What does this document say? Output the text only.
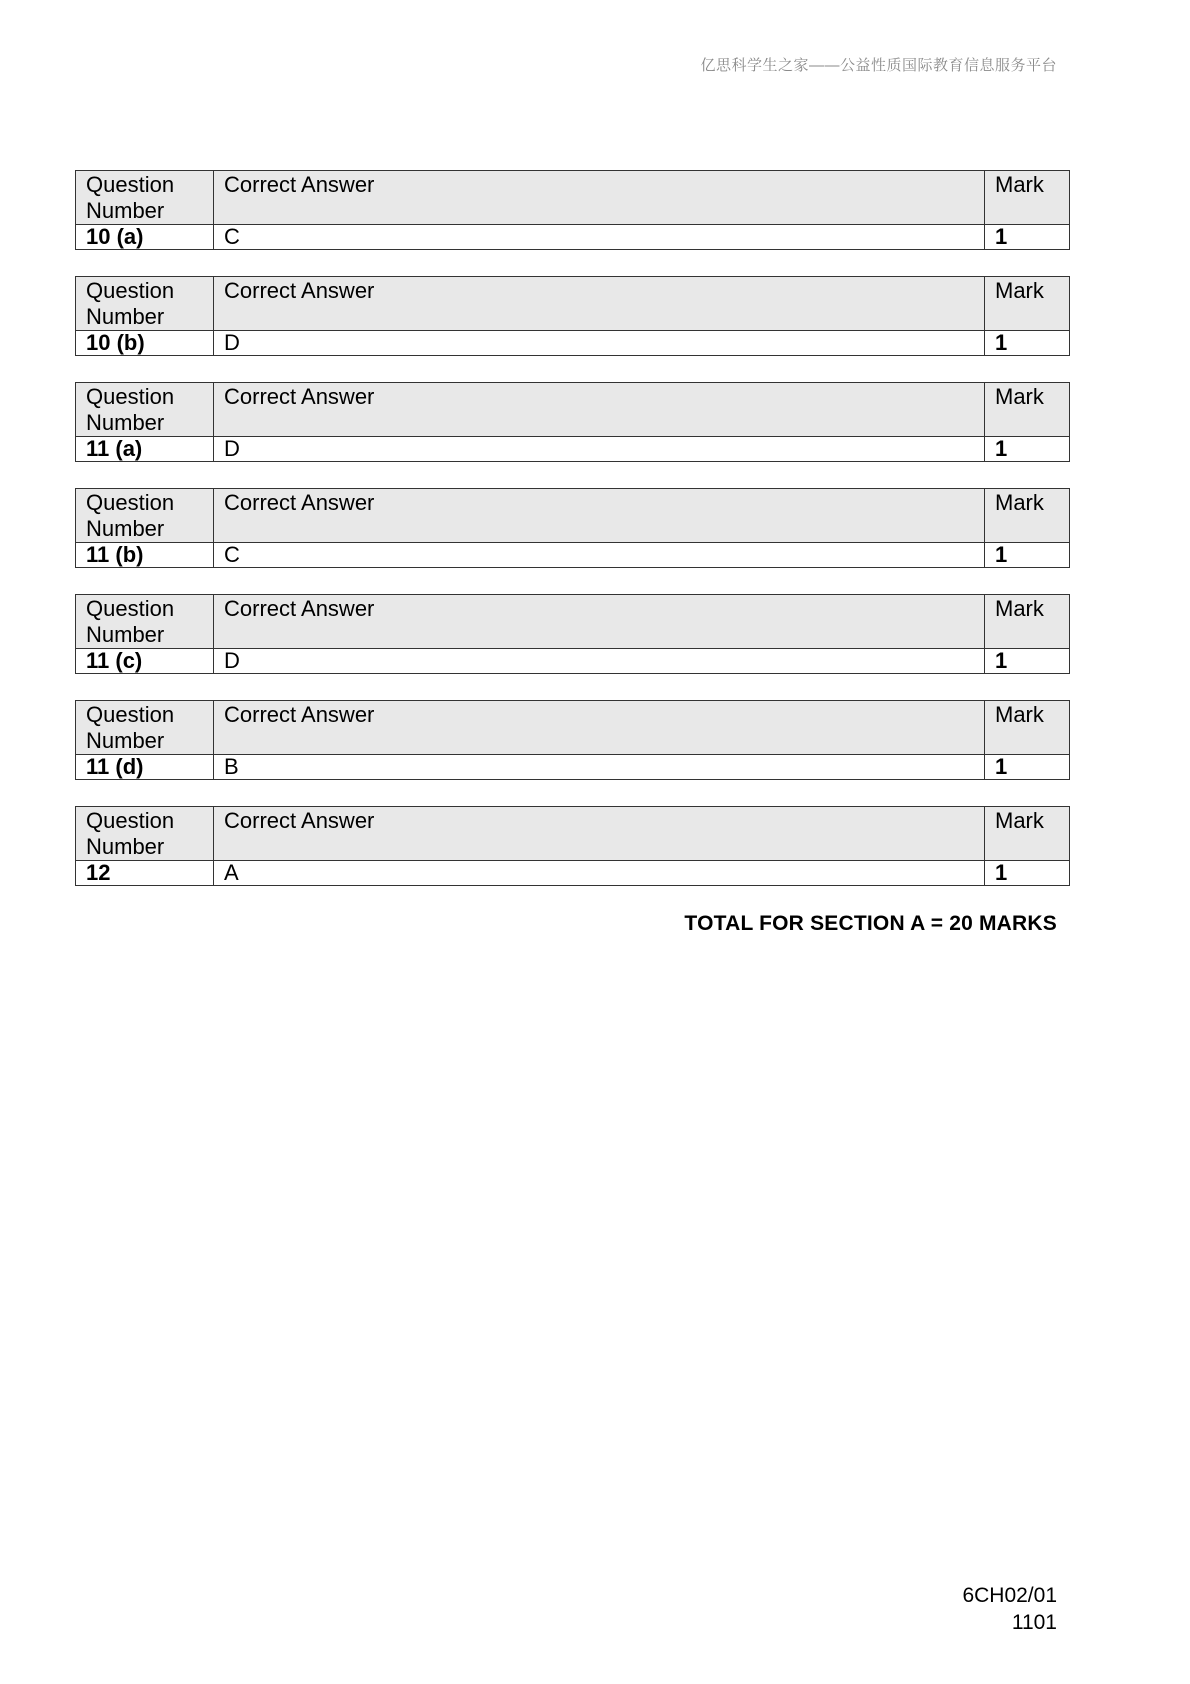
亿思科学生之家——公益性质国际教育信息服务平台
Question Number	Correct Answer	Mark
10 (a)	C	1
Question Number	Correct Answer	Mark
10 (b)	D	1
Question Number	Correct Answer	Mark
11 (a)	D	1
Question Number	Correct Answer	Mark
11 (b)	C	1
Question Number	Correct Answer	Mark
11 (c)	D	1
Question Number	Correct Answer	Mark
11 (d)	B	1
Question Number	Correct Answer	Mark
12	A	1
TOTAL FOR SECTION A = 20 MARKS
6CH02/01
1101
